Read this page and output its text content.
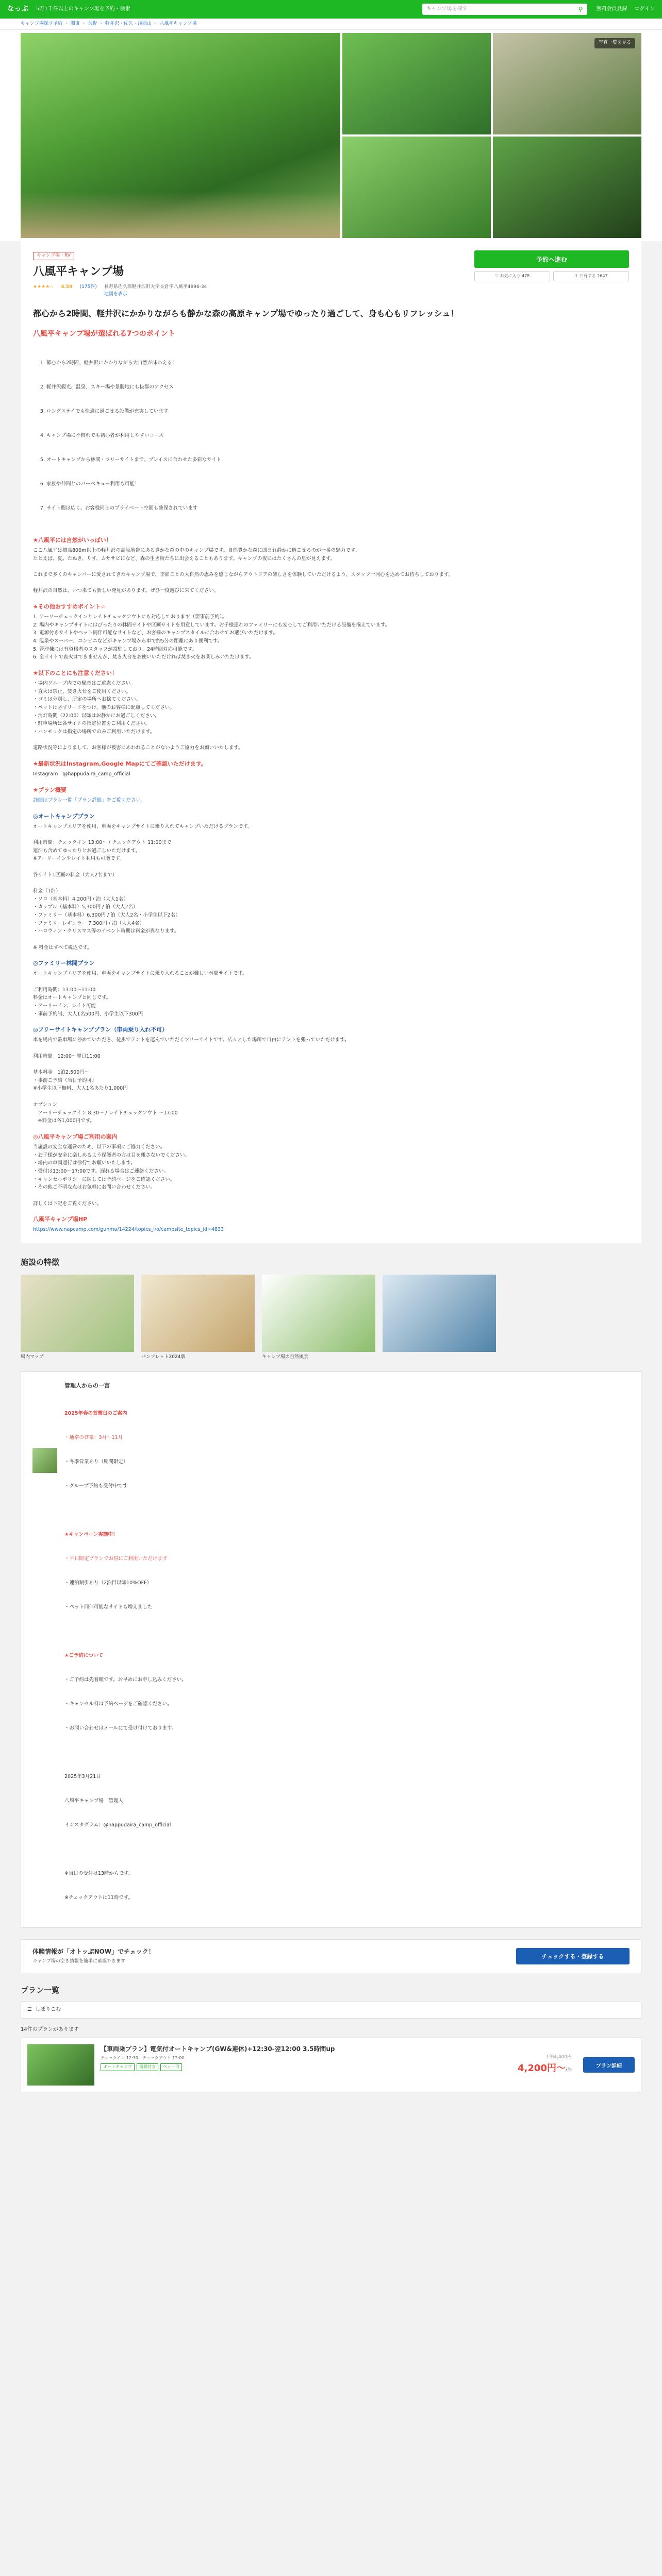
なっぷ 5万1千件以上のキャンプ場を予約・検索	キャンプ場を探す	⚲	無料会員登録 ログイン
キャンプ場探す予約 › 関東 › 長野 › 軽井沢・佐久・浅間山 › 八風平キャンプ場
写真一覧を見る
キャンプ場・RV
八風平キャンプ場
★★★★☆ 4.59 (175件) 長野県佐久郡軽井沢町大字長倉字八風平4896-34
地図を表示
予約へ進む
♡ お気に入り 478	⇪ 共有する 2647

都心から2時間、軽井沢にかかりながらも静かな森の高原キャンプ場でゆったり過ごして、身も心もリフレッシュ！

八風平キャンプ場が選ばれる7つのポイント

1. 都心から2時間、軽井沢にかかりながら大自然が味わえる！

2. 軽井沢観光、温泉、スキー場や景勝地にも抜群のアクセス

3. ロングステイでも快適に過ごせる設備が充実しています

4. キャンプ場に不慣れでも初心者が利用しやすいコース

5. オートキャンプから林間・フリーサイトまで、プレイスに合わせた多彩なサイト

6. 家族や仲間とのバーベキュー利用も可能！

7. サイト間は広く、お客様同士のプライベート空間も確保されています

★八風平には自然がいっぱい！

ここ八風平は標高800m以上の軽井沢の高原地帯にある豊かな森の中のキャンプ場です。自然豊かな森に囲まれ静かに過ごせるのが一番の魅力です。
たとえば、夏。たぬき、りす、ムササビになど、森の生き物たちに出会えることもあります。キャンプの夜にはたくさんの星が見えます。

これまで多くのキャンパーに愛されてきたキャンプ場で、季節ごとの大自然の恵みを感じながらアウトドアの楽しさを体験していただけるよう、スタッフ一同心を込めてお待ちしております。

軽井沢の自然は、いつ来ても新しい発見があります。ぜひ一度遊びに来てください。

★その他おすすめポイント☆

1. アーリーチェックインとレイトチェックアウトにも対応しております（要事前予約）。
2. 場内やキャンプサイトにはぴったりの林間サイトや区画サイトを用意しています。お子様連れのファミリーにも安心してご利用いただける設備を揃えています。
3. 電源付きサイトやペット同伴可能なサイトなど、お客様のキャンプスタイルに合わせてお選びいただけます。
4. 温泉やスーパー、コンビニなどがキャンプ場から車で約5分の距離にあり便利です。
5. 管理棟には有資格者のスタッフが常駐しており、24時間対応可能です。
6. 全サイトで直火はできませんが、焚き火台をお使いいただければ焚き火をお楽しみいただけます。

★以下のことにも注意ください！

・場内グループ内での騒音はご遠慮ください。
・直火は禁止、焚き火台をご使用ください。
・ゴミは分別し、所定の場所へお捨てください。
・ペットは必ずリードをつけ、他のお客様に配慮してください。
・消灯時間（22:00）以降はお静かにお過ごしください。
・駐車場所は各サイトの指定位置をご利用ください。
・ハンモックは指定の場所でのみご利用いただけます。

道路状況等によりまして、お客様が被害にあわれることがないようご協力をお願いいたします。

★最新状況はInstagram,Google Mapにてご確認いただけます。

Instagram　@happudaira_camp_official

★プラン概要

詳細はプラン一覧「プラン詳細」をご覧ください。

◎オートキャンププラン

オートキャンプエリアを使用、車両をキャンプサイトに乗り入れてキャンプいただけるプランです。

利用時間：チェックイン 13:00〜 / チェックアウト 11:00まで
連泊も含めてゆったりとお過ごしいただけます。
※アーリーインやレイト利用も可能です。

各サイト1区画の料金（大人2名まで）

料金（1泊）
・ソロ（基本料）4,200円 / 泊（大人1名）
・カップル（基本料）5,300円 / 泊（大人2名）
・ファミリー（基本料）6,300円 / 泊（大人2名・小学生以下2名）
・ファミリーレギュラー 7,300円 / 泊（大人4名）
・ハロウィン・クリスマス等のイベント時期は料金が異なります。

※ 料金はすべて税込です。

◎ファミリー林間プラン

オートキャンプエリアを使用、車両をキャンプサイトに乗り入れることが難しい林間サイトです。

ご利用時間：13:00〜11:00
料金はオートキャンプと同じです。
・アーリーイン、レイト可能
・事前予約制、大人1名500円、小学生以下300円

◎フリーサイトキャンププラン（車両乗り入れ不可）

車を場内で駐車場に停めていただき、徒歩でテントを運んでいただくフリーサイトです。広々とした場所で自由にテントを張っていただけます。

利用時間　12:00〜翌日11:00

基本料金　1泊2,500円〜
・事前ご予約（当日予約可）
※小学生以下無料、大人1名あたり1,000円

オプション
　アーリーチェックイン 8:30〜 / レイトチェックアウト 〜17:00
　※料金は各1,000円です。

◎八風平キャンプ場ご利用の案内

当施設の安全な運営のため、以下の事項にご協力ください。
・お子様が安全に楽しめるよう保護者の方は目を離さないでください。
・場内の車両通行は徐行でお願いいたします。
・受付は13:00〜17:00です。遅れる場合はご連絡ください。
・キャンセルポリシーに関しては予約ページをご確認ください。
・その他ご不明な点はお気軽にお問い合わせください。

詳しくは下記をご覧ください。

八風平キャンプ場HP

https://www.napcamp.com/gunma/14224/topics_l/o/campsite_topics_id=4833

施設の特徴
場内マップ	パンフレット2024版	キャンプ場の自然風景
管理人からの一言

2025年春の営業日のご案内

・通常の営業：3月〜11月

・冬季営業あり（期間限定）

・グループ予約も受付中です

★キャンペーン実施中！

・平日限定プランでお得にご利用いただけます

・連泊割引あり（2泊目以降10%OFF）

・ペット同伴可能なサイトも増えました

★ご予約について

・ご予約は先着順です。お早めにお申し込みください。

・キャンセル料は予約ページをご確認ください。

・お問い合わせはメールにて受け付けております。

2025年3月21日

八風平キャンプ場　管理人

インスタグラム：@happudaira_camp_official

※当日の受付は13時からです。

※チェックアウトは11時です。

体験情報が「オトッぷNOW」でチェック！
キャンプ場の空き情報を簡単に確認できます
チェックする・登録する
プラン一覧
☰ しぼりこむ
14件のプランがあります
【車両乗プラン】電気付オートキャンプ(GW&連休)+12:30-翌12:00 3.5時間up
チェックイン 12:30　チェックアウト 12:00
オートキャンプ	電源付き	ペット可
1泊4,400円
4,200円〜/泊
プラン詳細
